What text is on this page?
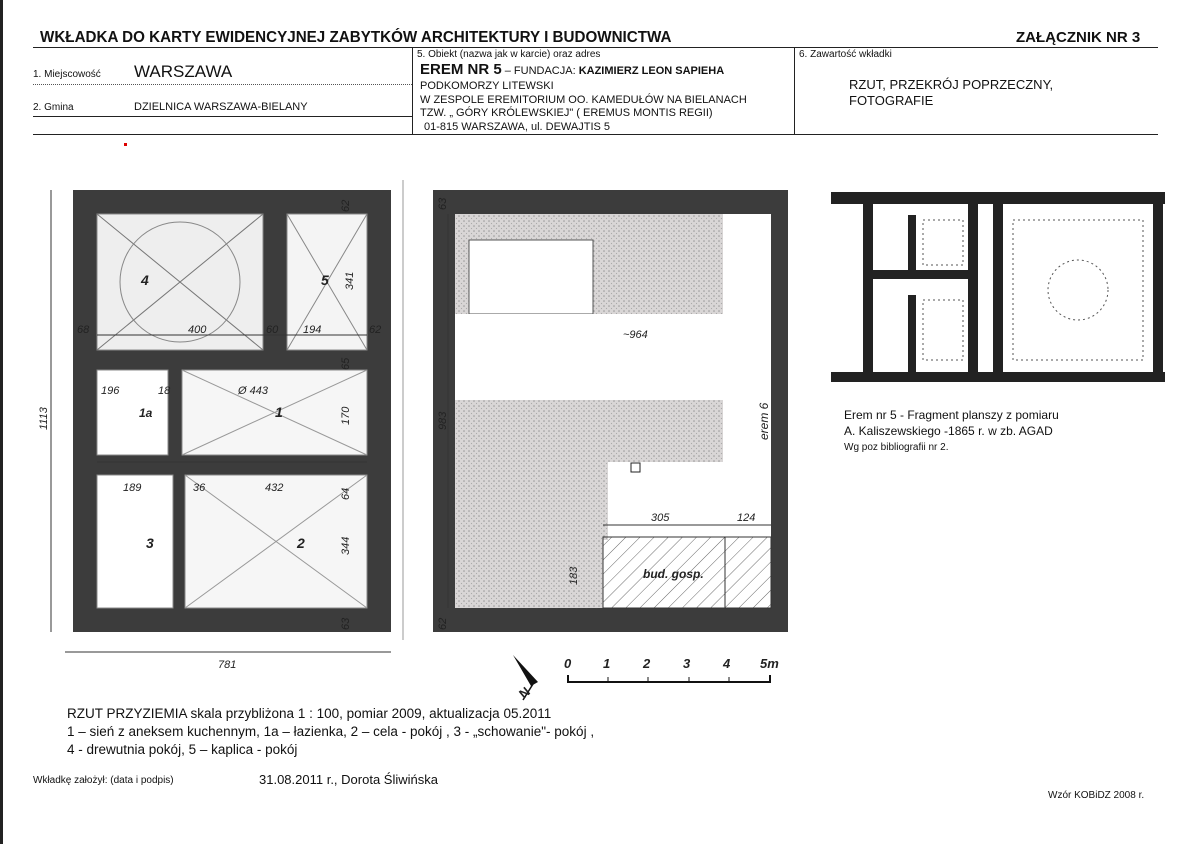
WKŁADKA DO KARTY EWIDENCYJNEJ ZABYTKÓW ARCHITEKTURY I BUDOWNICTWA	ZAŁĄCZNIK NR 3
1. Miejscowość WARSZAWA
2. Gmina	DZIELNICA WARSZAWA-BIELANY
5. Obiekt (nazwa jak w karcie) oraz adres
EREM NR 5 – FUNDACJA: KAZIMIERZ LEON SAPIEHA
PODKOMORZY LITEWSKI
W ZESPOLE EREMITORIUM OO. KAMEDUŁÓW NA BIELANACH
TZW. „ GÓRY KRÓLEWSKIEJ" ( EREMUS MONTIS REGII)
01-815 WARSZAWA, ul. DEWAJTIS 5
6. Zawartość wkładki
RZUT, PRZEKRÓJ POPRZECZNY,
FOTOGRAFIE
4	5
1a	1
3	2
68	400	60 194	62
341
62
65
196	18	Ø 443
170
189	36	432	64
344
63
781
1113	983
~964
305	124
183
63
62
erem 6
bud. gosp.
N
0 1	2	3	4 5m
Erem nr 5 - Fragment planszy z pomiaru
A. Kaliszewskiego -1865 r. w zb. AGAD
Wg poz bibliografii nr 2.
RZUT PRZYZIEMIA skala przybliżona 1 : 100, pomiar 2009, aktualizacja 05.2011
1 – sień z aneksem kuchennym, 1a – łazienka, 2 – cela - pokój , 3 - „schowanie"- pokój ,
4 - drewutnia pokój, 5 – kaplica - pokój
Wkładkę założył: (data i podpis)	31.08.2011 r., Dorota Śliwińska
Wzór KOBiDZ 2008 r.
